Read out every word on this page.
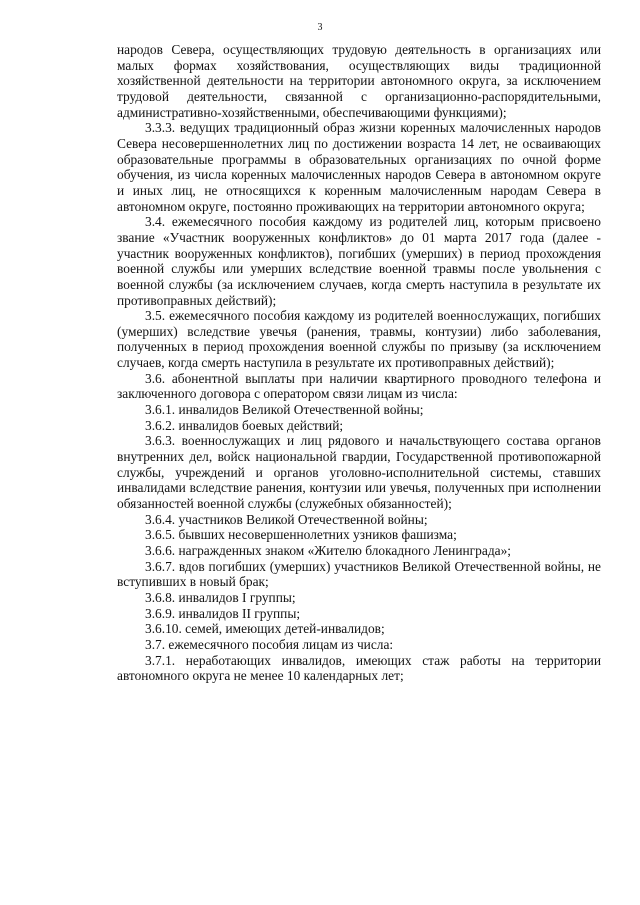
3

народов Севера, осуществляющих трудовую деятельность в организациях или малых формах хозяйствования, осуществляющих виды традиционной хозяйственной деятельности на территории автономного округа, за исключением трудовой деятельности, связанной с организационно-распорядительными, административно-хозяйственными, обеспечивающими функциями);

3.3.3. ведущих традиционный образ жизни коренных малочисленных народов Севера несовершеннолетних лиц по достижении возраста 14 лет, не осваивающих образовательные программы в образовательных организациях по очной форме обучения, из числа коренных малочисленных народов Севера в автономном округе и иных лиц, не относящихся к коренным малочисленным народам Севера в автономном округе, постоянно проживающих на территории автономного округа;

3.4. ежемесячного пособия каждому из родителей лиц, которым присвоено звание «Участник вооруженных конфликтов» до 01 марта 2017 года (далее - участник вооруженных конфликтов), погибших (умерших) в период прохождения военной службы или умерших вследствие военной травмы после увольнения с военной службы (за исключением случаев, когда смерть наступила в результате их противоправных действий);

3.5. ежемесячного пособия каждому из родителей военнослужащих, погибших (умерших) вследствие увечья (ранения, травмы, контузии) либо заболевания, полученных в период прохождения военной службы по призыву (за исключением случаев, когда смерть наступила в результате их противоправных действий);

3.6. абонентной выплаты при наличии квартирного проводного телефона и заключенного договора с оператором связи лицам из числа:

3.6.1. инвалидов Великой Отечественной войны;

3.6.2. инвалидов боевых действий;

3.6.3. военнослужащих и лиц рядового и начальствующего состава органов внутренних дел, войск национальной гвардии, Государственной противопожарной службы, учреждений и органов уголовно-исполнительной системы, ставших инвалидами вследствие ранения, контузии или увечья, полученных при исполнении обязанностей военной службы (служебных обязанностей);

3.6.4. участников Великой Отечественной войны;

3.6.5. бывших несовершеннолетних узников фашизма;

3.6.6. награжденных знаком «Жителю блокадного Ленинграда»;

3.6.7. вдов погибших (умерших) участников Великой Отечественной войны, не вступивших в новый брак;

3.6.8. инвалидов I группы;

3.6.9. инвалидов II группы;

3.6.10. семей, имеющих детей-инвалидов;

3.7. ежемесячного пособия лицам из числа:

3.7.1. неработающих инвалидов, имеющих стаж работы на территории автономного округа не менее 10 календарных лет;
